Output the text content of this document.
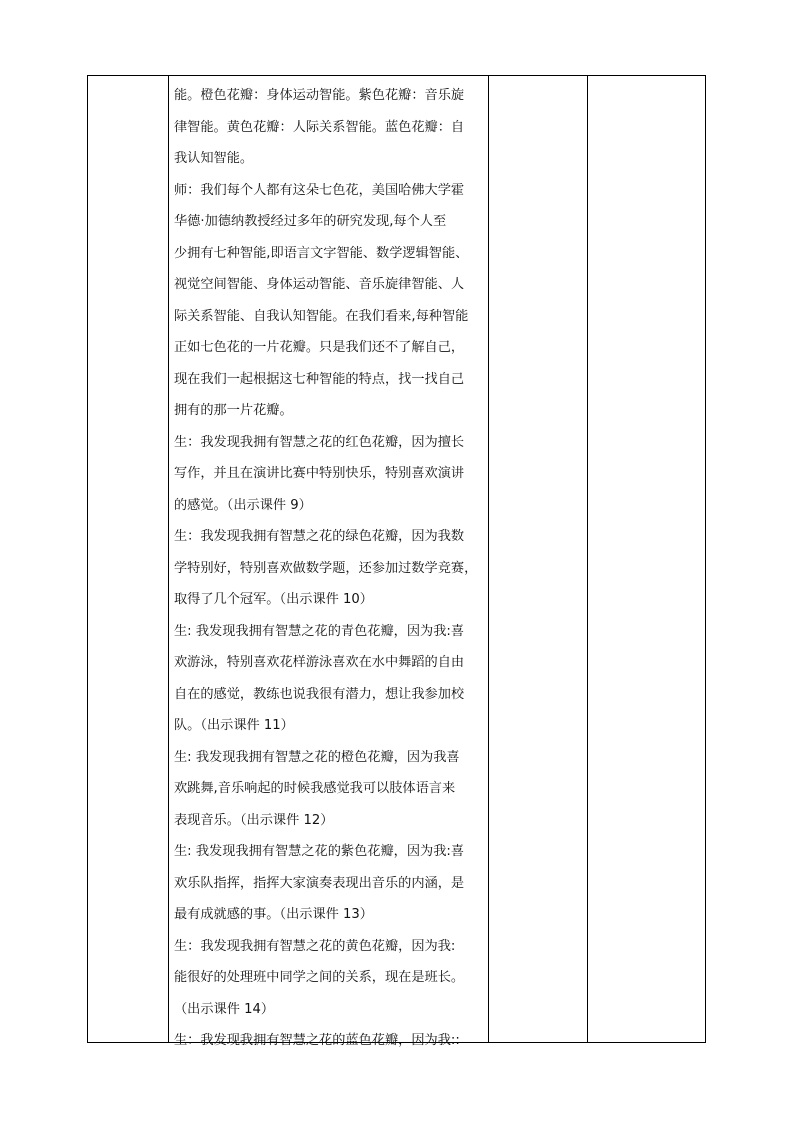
能。橙色花瓣：身体运动智能。紫色花瓣：音乐旋
律智能。黄色花瓣：人际关系智能。蓝色花瓣：自
我认知智能。
师：我们每个人都有这朵七色花，美国哈佛大学霍
华德·加德纳教授经过多年的研究发现,每个人至
少拥有七种智能,即语言文字智能、数学逻辑智能、
视觉空间智能、身体运动智能、音乐旋律智能、人
际关系智能、自我认知智能。在我们看来,每种智能
正如七色花的一片花瓣。只是我们还不了解自己，
现在我们一起根据这七种智能的特点，找一找自己
拥有的那一片花瓣。
生：我发现我拥有智慧之花的红色花瓣，因为擅长
写作，并且在演讲比赛中特别快乐，特别喜欢演讲
的感觉。（出示课件 9）
生：我发现我拥有智慧之花的绿色花瓣，因为我数
学特别好，特别喜欢做数学题，还参加过数学竞赛，
取得了几个冠军。（出示课件 10）
生: 我发现我拥有智慧之花的青色花瓣，因为我:喜
欢游泳，特别喜欢花样游泳喜欢在水中舞蹈的自由
自在的感觉，教练也说我很有潜力，想让我参加校
队。（出示课件 11）
生: 我发现我拥有智慧之花的橙色花瓣，因为我喜
欢跳舞,音乐响起的时候我感觉我可以肢体语言来
表现音乐。（出示课件 12）
生: 我发现我拥有智慧之花的紫色花瓣，因为我:喜
欢乐队指挥，指挥大家演奏表现出音乐的内涵，是
最有成就感的事。（出示课件 13）
生：我发现我拥有智慧之花的黄色花瓣，因为我:
能很好的处理班中同学之间的关系，现在是班长。
（出示课件 14）
生：我发现我拥有智慧之花的蓝色花瓣，因为我::
